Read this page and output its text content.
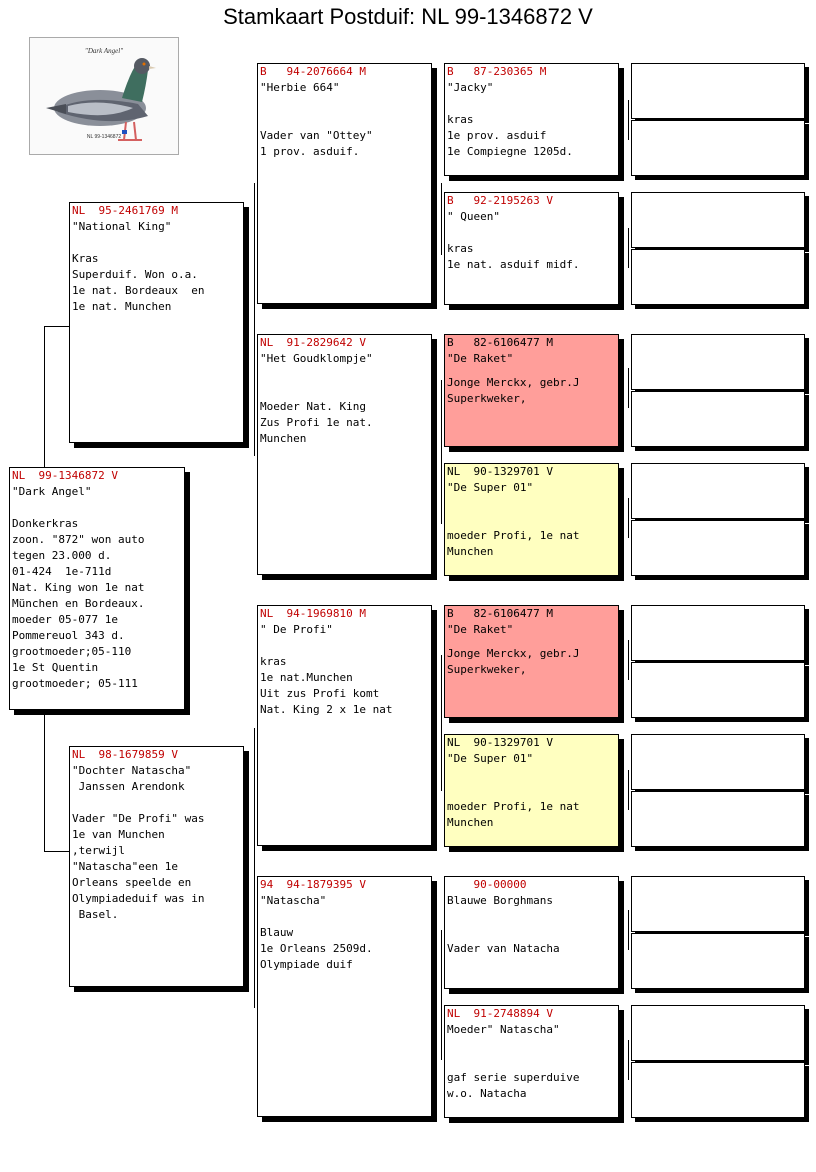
Stamkaart Postduif: NL 99-1346872 V
"Dark Angel"
NL 99-1346872
NL  99-1346872 V
"Dark Angel"
Donkerkras
zoon. "872" won auto
tegen 23.000 d.
01-424  1e-711d
Nat. King won 1e nat
München en Bordeaux.
moeder 05-077 1e
Pommereuol 343 d.
grootmoeder;05-110
1e St Quentin
grootmoeder; 05-111
NL  95-2461769 M
"National King"
Kras
Superduif. Won o.a.
1e nat. Bordeaux  en
1e nat. Munchen
NL  98-1679859 V
"Dochter Natascha"
Janssen Arendonk
Vader "De Profi" was
1e van Munchen
,terwijl
"Natascha"een 1e
Orleans speelde en
Olympiadeduif was in
Basel.
B   94-2076664 M
"Herbie 664"
Vader van "Ottey"
1 prov. asduif.
NL  91-2829642 V
"Het Goudklompje"
Moeder Nat. King
Zus Profi 1e nat.
Munchen
NL  94-1969810 M
" De Profi"
kras
1e nat.Munchen
Uit zus Profi komt
Nat. King 2 x 1e nat
94  94-1879395 V
"Natascha"
Blauw
1e Orleans 2509d.
Olympiade duif
B   87-230365 M
"Jacky"
kras
1e prov. asduif
1e Compiegne 1205d.
B   92-2195263 V
" Queen"
kras
1e nat. asduif midf.
B   82-6106477 M
"De Raket"
Jonge Merckx, gebr.J
Superkweker,
NL  90-1329701 V
"De Super 01"
moeder Profi, 1e nat
Munchen
B   82-6106477 M
"De Raket"
Jonge Merckx, gebr.J
Superkweker,
NL  90-1329701 V
"De Super 01"
moeder Profi, 1e nat
Munchen
90-00000
Blauwe Borghmans
Vader van Natacha
NL  91-2748894 V
Moeder" Natascha"
gaf serie superduive
w.o. Natacha
